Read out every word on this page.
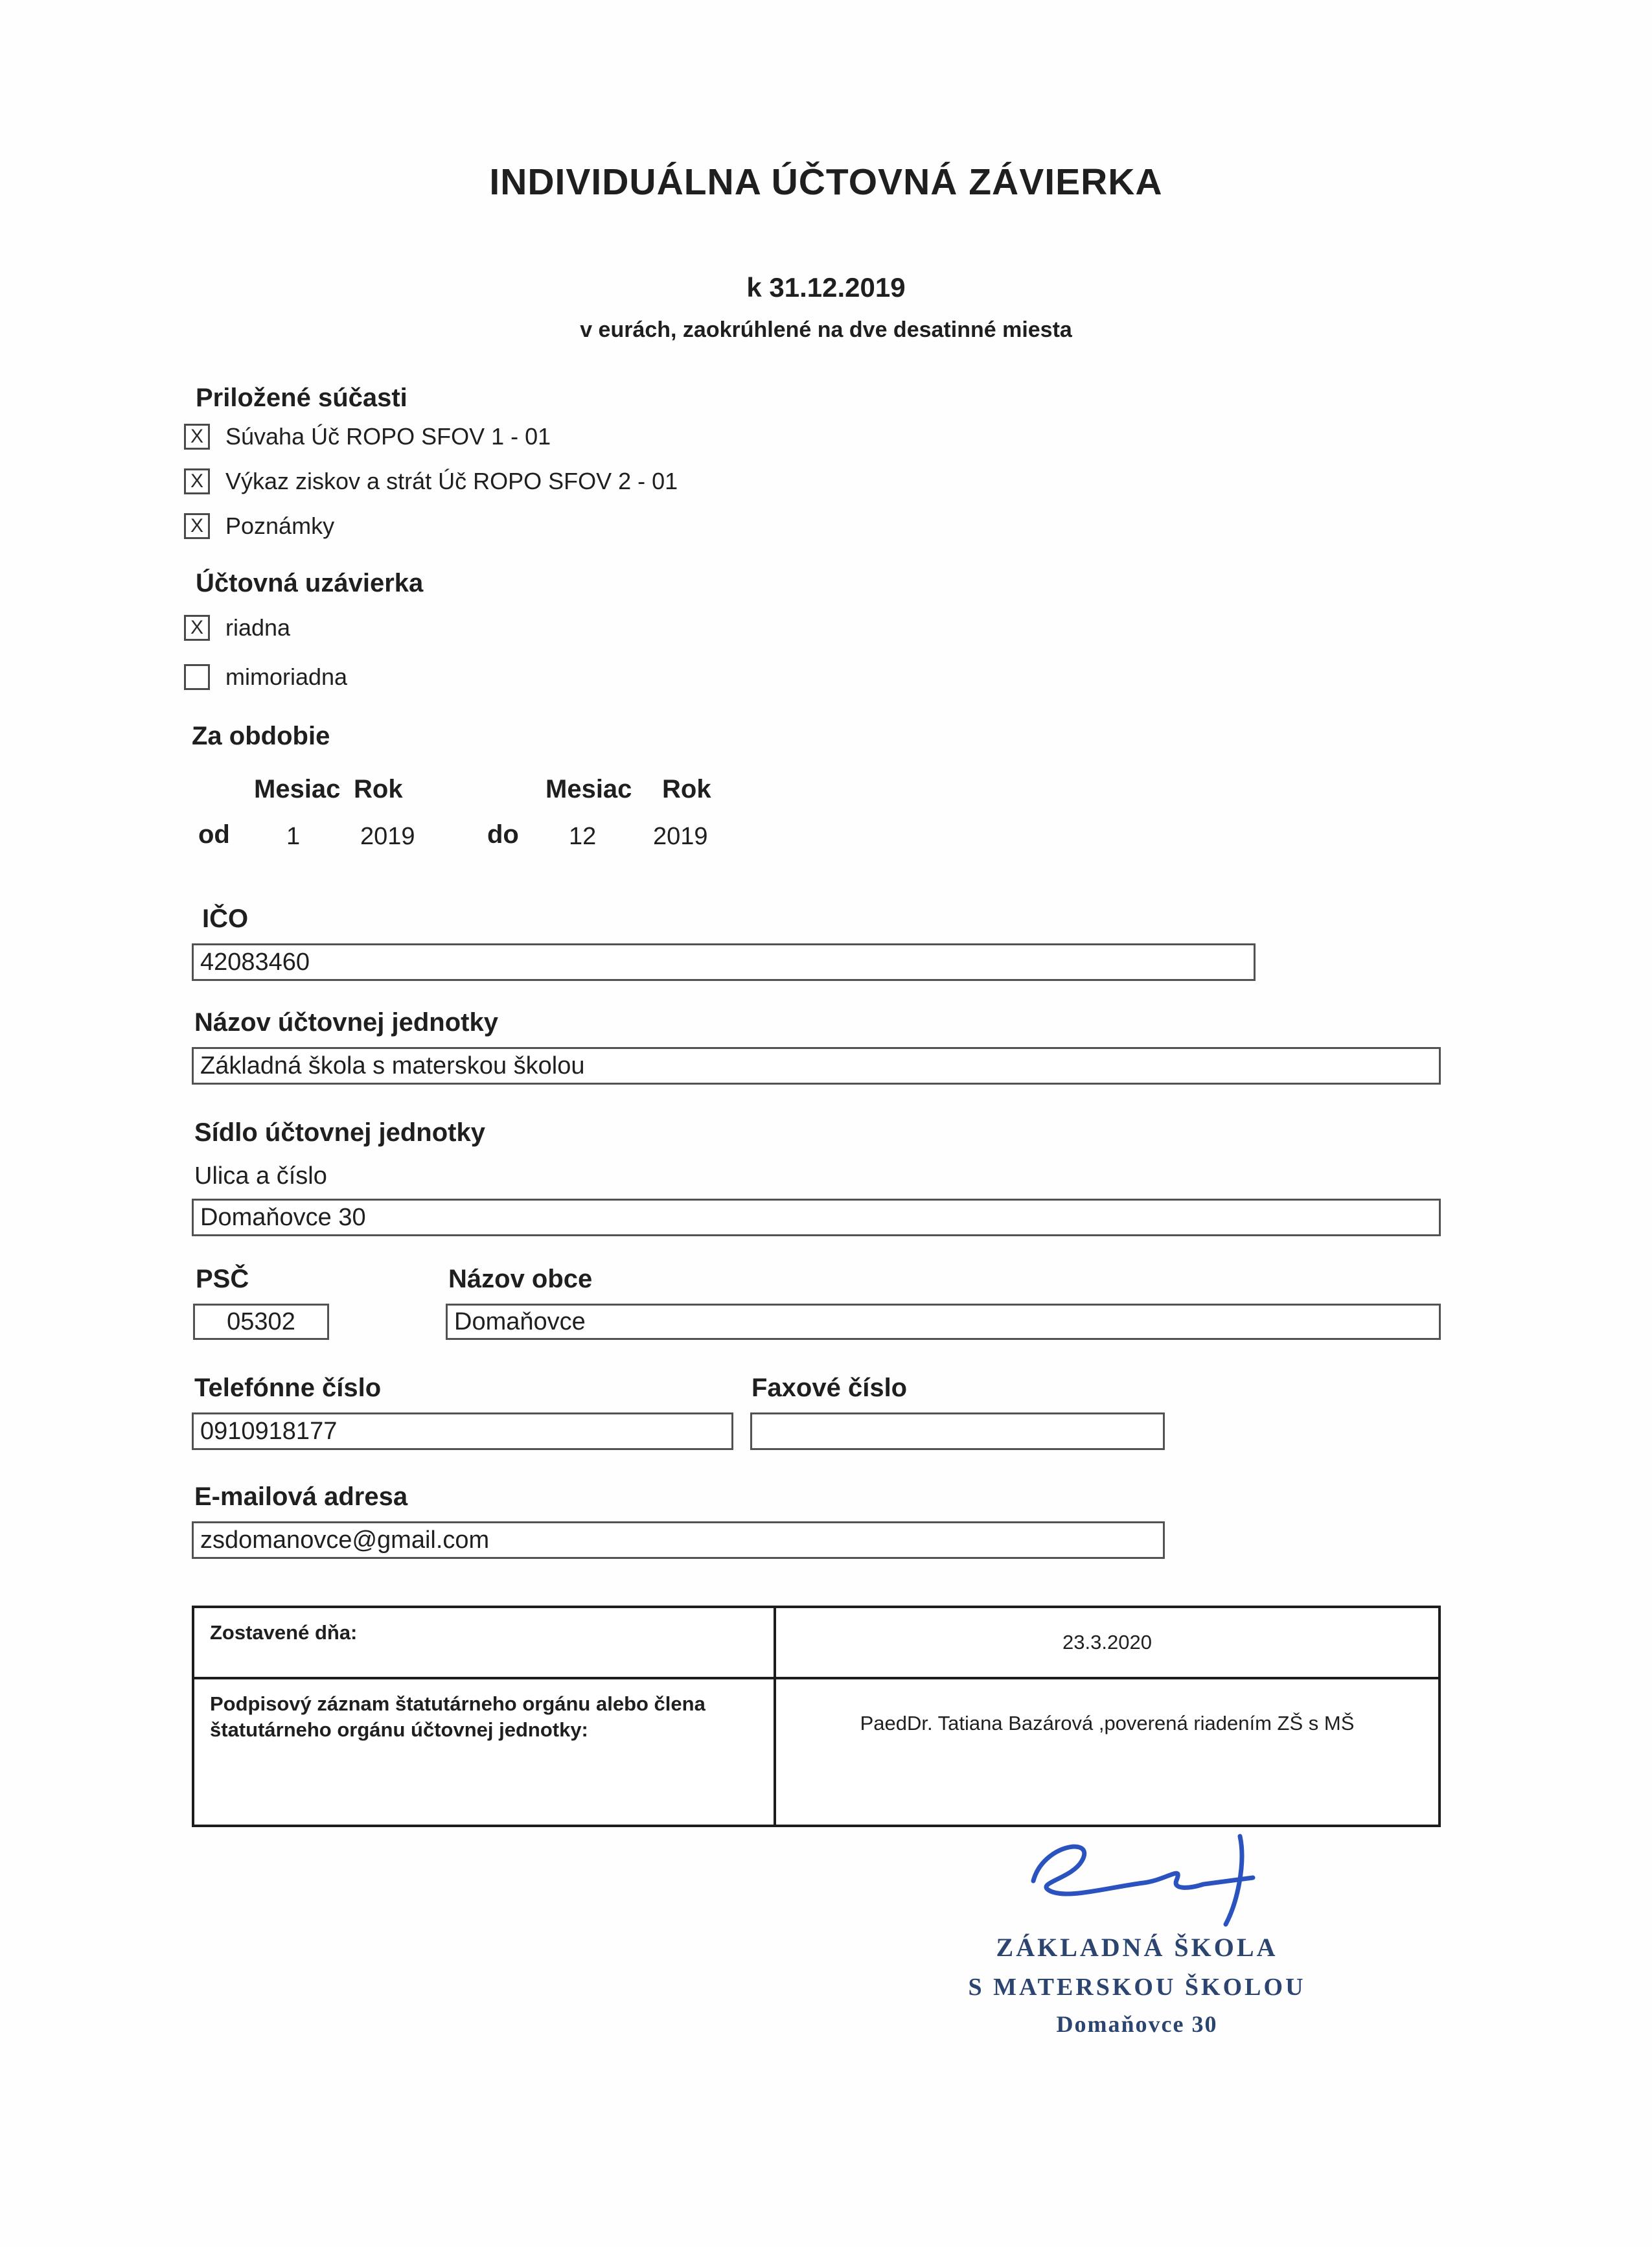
INDIVIDUÁLNA ÚČTOVNÁ ZÁVIERKA
k 31.12.2019
v eurách, zaokrúhlené na dve desatinné miesta
Priložené súčasti
X Súvaha Úč ROPO SFOV 1 - 01
X Výkaz ziskov a strát Úč ROPO SFOV 2 - 01
X Poznámky
Účtovná uzávierka
X riadna
mimoriadna
Za obdobie
Mesiac Rok	Mesiac Rok
od 1 2019	do 12 2019
IČO
42083460
Názov účtovnej jednotky
Základná škola s materskou školou
Sídlo účtovnej jednotky
Ulica a číslo
Domaňovce 30
PSČ	Názov obce
05302	Domaňovce
Telefónne číslo	Faxové číslo
0910918177
E-mailová adresa
zsdomanovce@gmail.com
Zostavené dňa:	23.3.2020
Podpisový záznam štatutárneho orgánu alebo člena štatutárneho orgánu účtovnej jednotky:	PaedDr. Tatiana Bazárová ,poverená riadením ZŠ s MŠ
ZÁKLADNÁ ŠKOLA
S MATERSKOU ŠKOLOU
Domaňovce 30
